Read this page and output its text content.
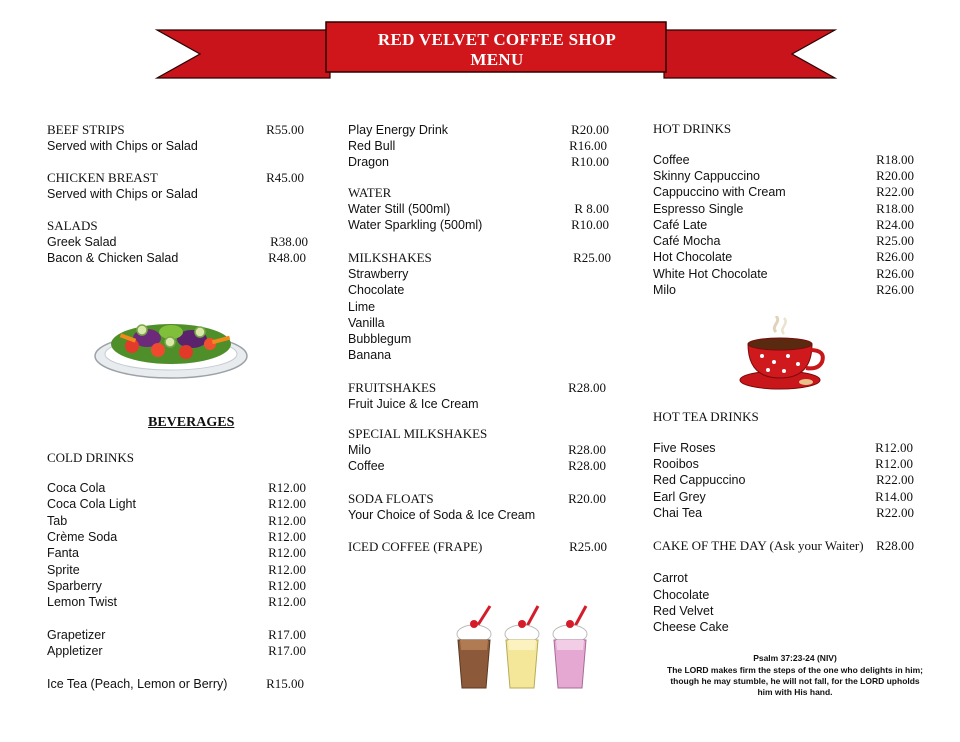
RED VELVET COFFEE SHOP
MENU
BEEF STRIPS	R55.00
Served with Chips or Salad
CHICKEN BREAST	R45.00
Served with Chips or Salad
SALADS
Greek Salad	R38.00
Bacon & Chicken Salad	R48.00
BEVERAGES
COLD DRINKS
Coca Cola	R12.00
Coca Cola Light	R12.00
Tab	R12.00
Crème Soda	R12.00
Fanta	R12.00
Sprite	R12.00
Sparberry	R12.00
Lemon Twist	R12.00
Grapetizer	R17.00
Appletizer	R17.00
Ice Tea (Peach, Lemon or Berry)	R15.00
Play Energy Drink	R20.00
Red Bull	R16.00
Dragon	R10.00
WATER
Water Still (500ml)	R 8.00
Water Sparkling (500ml)	R10.00
MILKSHAKES	R25.00
Strawberry
Chocolate
Lime
Vanilla
Bubblegum
Banana
FRUITSHAKES	R28.00
Fruit Juice & Ice Cream
SPECIAL MILKSHAKES
Milo	R28.00
Coffee	R28.00
SODA FLOATS	R20.00
Your Choice of Soda & Ice Cream
ICED COFFEE (FRAPE)	R25.00
HOT DRINKS
Coffee	R18.00
Skinny Cappuccino	R20.00
Cappuccino with Cream	R22.00
Espresso Single	R18.00
Café Late	R24.00
Café Mocha	R25.00
Hot Chocolate	R26.00
White Hot Chocolate	R26.00
Milo	R26.00
HOT TEA DRINKS
Five Roses	R12.00
Rooibos	R12.00
Red Cappuccino	R22.00
Earl Grey	R14.00
Chai Tea	R22.00
CAKE OF THE DAY (Ask your Waiter) R28.00
Carrot
Chocolate
Red Velvet
Cheese Cake
Psalm 37:23-24 (NIV)
The LORD makes firm the steps of the one who delights in him;
though he may stumble, he will not fall, for the LORD upholds
him with His hand.
